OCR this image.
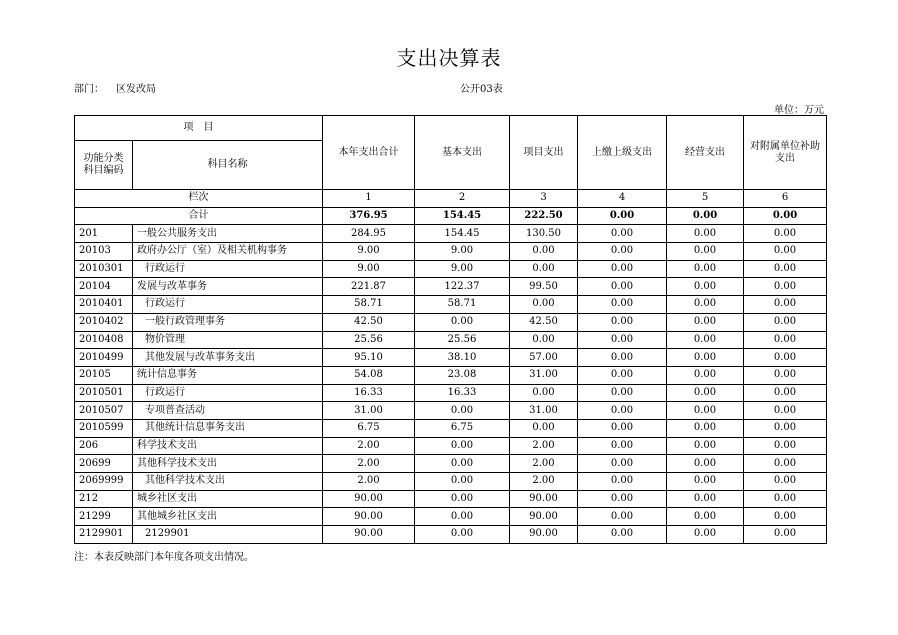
支出决算表
部门： 区发改局	公开03表
单位：万元
项　目		本年支出合计	基本支出	项目支出	上缴上级支出	经营支出	对附属单位补助支出
功能分类科目编码	科目名称						
栏次		1	2	3	4	5	6
合计		376.95	154.45	222.50	0.00	0.00	0.00
201	一般公共服务支出	284.95	154.45	130.50	0.00	0.00	0.00
20103	政府办公厅（室）及相关机构事务	9.00	9.00	0.00	0.00	0.00	0.00
2010301	行政运行	9.00	9.00	0.00	0.00	0.00	0.00
20104	发展与改革事务	221.87	122.37	99.50	0.00	0.00	0.00
2010401	行政运行	58.71	58.71	0.00	0.00	0.00	0.00
2010402	一般行政管理事务	42.50	0.00	42.50	0.00	0.00	0.00
2010408	物价管理	25.56	25.56	0.00	0.00	0.00	0.00
2010499	其他发展与改革事务支出	95.10	38.10	57.00	0.00	0.00	0.00
20105	统计信息事务	54.08	23.08	31.00	0.00	0.00	0.00
2010501	行政运行	16.33	16.33	0.00	0.00	0.00	0.00
2010507	专项普查活动	31.00	0.00	31.00	0.00	0.00	0.00
2010599	其他统计信息事务支出	6.75	6.75	0.00	0.00	0.00	0.00
206	科学技术支出	2.00	0.00	2.00	0.00	0.00	0.00
20699	其他科学技术支出	2.00	0.00	2.00	0.00	0.00	0.00
2069999	其他科学技术支出	2.00	0.00	2.00	0.00	0.00	0.00
212	城乡社区支出	90.00	0.00	90.00	0.00	0.00	0.00
21299	其他城乡社区支出	90.00	0.00	90.00	0.00	0.00	0.00
2129901	2129901	90.00	0.00	90.00	0.00	0.00	0.00
注：本表反映部门本年度各项支出情况。
